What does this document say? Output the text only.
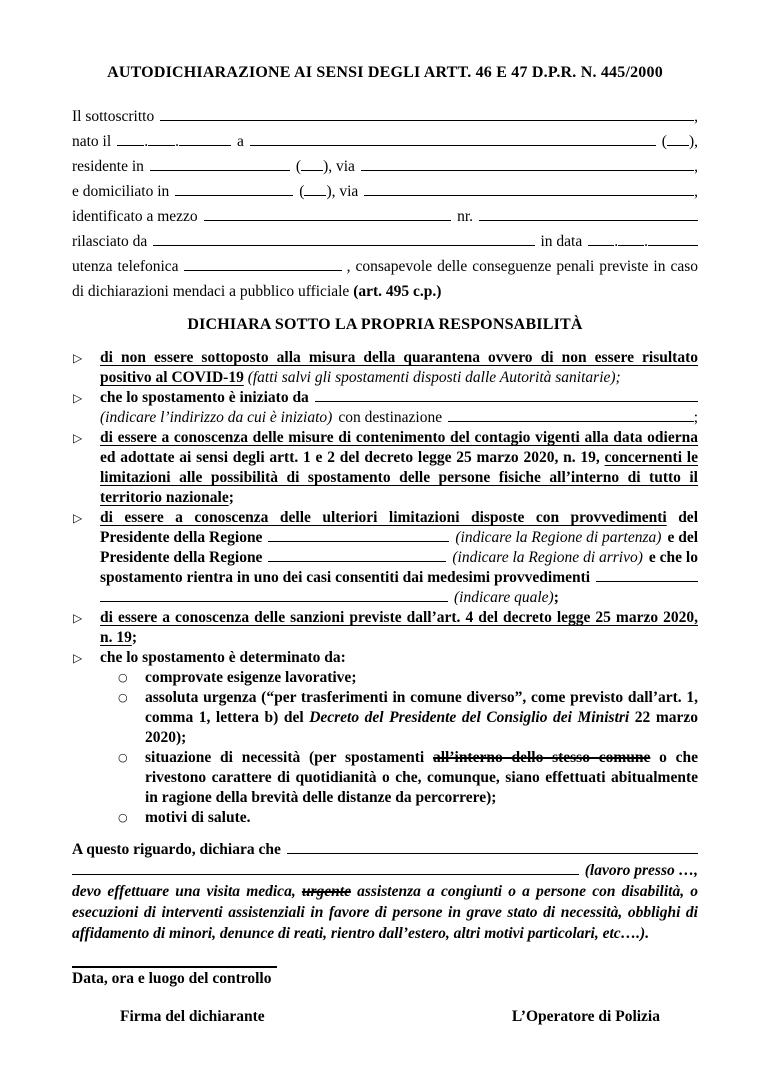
AUTODICHIARAZIONE AI SENSI DEGLI ARTT. 46 E 47 D.P.R. N. 445/2000
Il sottoscritto	,
nato il . .	a	( ),
residente in	( ), via	,
e domiciliato in	( ), via	,
identificato a mezzo	nr.
rilasciato da	in data . .
utenza telefonica	, consapevole delle conseguenze penali previste in caso di dichiarazioni mendaci a pubblico ufficiale (art. 495 c.p.)
DICHIARA SOTTO LA PROPRIA RESPONSABILITÀ
▷ di non essere sottoposto alla misura della quarantena ovvero di non essere risultato positivo al COVID-19 (fatti salvi gli spostamenti disposti dalle Autorità sanitarie);
▷ che lo spostamento è iniziato da
(indicare l’indirizzo da cui è iniziato) con destinazione	;
▷ di essere a conoscenza delle misure di contenimento del contagio vigenti alla data odierna ed adottate ai sensi degli artt. 1 e 2 del decreto legge 25 marzo 2020, n. 19, concernenti le limitazioni alle possibilità di spostamento delle persone fisiche all’interno di tutto il territorio nazionale;
▷ di essere a conoscenza delle ulteriori limitazioni disposte con provvedimenti del
Presidente della Regione	(indicare la Regione di partenza) e del
Presidente della Regione	(indicare la Regione di arrivo) e che lo
spostamento rientra in uno dei casi consentiti dai medesimi provvedimenti
(indicare quale) ;
▷ di essere a conoscenza delle sanzioni previste dall’art. 4 del decreto legge 25 marzo 2020, n. 19;
▷ che lo spostamento è determinato da:
○ comprovate esigenze lavorative;
○ assoluta urgenza (“per trasferimenti in comune diverso”, come previsto dall’art. 1, comma 1, lettera b) del Decreto del Presidente del Consiglio dei Ministri 22 marzo 2020);
○ situazione di necessità (per spostamenti all’interno dello stesso comune o che rivestono carattere di quotidianità o che, comunque, siano effettuati abitualmente in ragione della brevità delle distanze da percorrere);
○ motivi di salute.
A questo riguardo, dichiara che
(lavoro presso …,
devo effettuare una visita medica, urgente assistenza a congiunti o a persone con disabilità, o esecuzioni di interventi assistenziali in favore di persone in grave stato di necessità, obblighi di affidamento di minori, denunce di reati, rientro dall’estero, altri motivi particolari, etc….).
Data, ora e luogo del controllo
Firma del dichiarante	L’Operatore di Polizia
